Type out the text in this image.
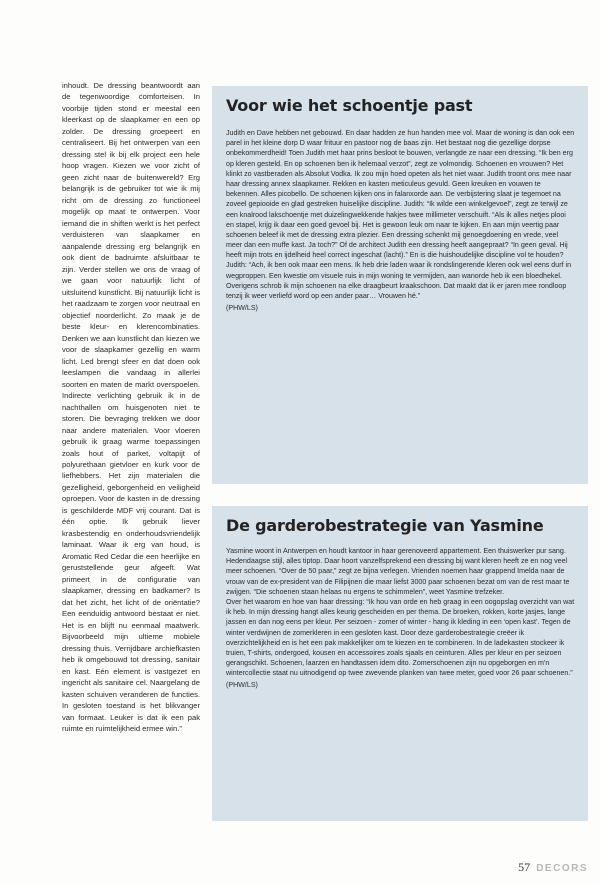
inhoudt. De dressing beantwoordt aan de tegenwoordige comforteisen. In voorbije tijden stond er meestal een kleerkast op de slaapkamer en een op zolder. De dressing groepeert en centraliseert. Bij het ontwerpen van een dressing stel ik bij elk project een hele hoop vragen. Kiezen we voor zicht of geen zicht naar de buitenwereld? Erg belangrijk is de gebruiker tot wie ik mij richt om de dressing zo functioneel mogelijk op maat te ontwerpen. Voor iemand die in shiften werkt is het perfect verduisteren van slaapkamer en aanpalende dressing erg belangrijk en ook dient de badruimte afsluitbaar te zijn. Verder stellen we ons de vraag of we gaan voor natuurlijk licht of uitsluitend kunstlicht. Bij natuurlijk licht is het raadzaam te zorgen voor neutraal en objectief noorderlicht. Zo maak je de beste kleur- en klerencombinaties. Denken we aan kunstlicht dan kiezen we voor de slaapkamer gezellig en warm licht. Led brengt sfeer en dat doen ook leeslampen die vandaag in allerlei soorten en maten de markt overspoelen. Indirecte verlichting gebruik ik in de nachthallen om huisgenoten niet te storen. Die bevraging trekken we door naar andere materialen. Voor vloeren gebruik ik graag warme toepassingen zoals hout of parket, voltapijt of polyurethaan gietvloer en kurk voor de liefhebbers. Het zijn materialen die gezelligheid, geborgenheid en veiligheid oproepen. Voor de kasten in de dressing is geschilderde MDF vrij courant. Dat is één optie. Ik gebruik liever krasbestendig en onderhoudsvriendelijk laminaat. Waar ik erg van houd, is Aromatic Red Cedar die een heerlijke en geruststellende geur afgeeft. Wat primeert in de configuratie van slaapkamer, dressing en badkamer? Is dat het zicht, het licht of de oriëntatie? Een eenduidig antwoord bestaat er niet. Het is en blijft nu eenmaal maatwerk. Bijvoorbeeld mijn ultieme mobiele dressing thuis. Verrijdbare archiefkasten heb ik omgebouwd tot dressing, sanitair en kast. Eén element is vastgezet en ingericht als sanitaire cel. Naargelang de kasten schuiven veranderen de functies. In gesloten toestand is het blikvanger van formaat. Leuker is dat ik een pak ruimte en ruimtelijkheid ermee win.”

Voor wie het schoentje past

Judith en Dave hebben net gebouwd. En daar hadden ze hun handen mee vol. Maar de woning is dan ook een parel in het kleine dorp D waar frituur en pastoor nog de baas zijn. Het bestaat nog die gezellige dorpse onbekommerdheid! Toen Judith met haar prins besloot te bouwen, verlangde ze naar een dressing. “Ik ben erg op kleren gesteld. En op schoenen ben ik helemaal verzot”, zegt ze volmondig. Schoenen en vrouwen? Het klinkt zo vastberaden als Absolut Vodka. Ik zou mijn hoed opeten als het niet waar. Judith troont ons mee naar haar dressing annex slaapkamer. Rekken en kasten meticuleus gevuld. Geen kreuken en vouwen te bekennen. Alles picobello. De schoenen kijken ons in falanxorde aan. De verbijstering slaat je tegemoet na zoveel gepiooide en glad gestreken huiselijke discipline. Judith: “Ik wilde een winkelgevoel”, zegt ze terwijl ze een knalrood lakschoentje met duizelingwekkende hakjes twee millimeter verschuift. “Als ik alles netjes plooi en stapel, krijg ik daar een goed gevoel bij. Het is gewoon leuk om naar te kijken. En aan mijn veertig paar schoenen beleef ik met de dressing extra plezier. Een dressing schenkt mij genoegdoening en vrede, veel meer dan een muffe kast. Ja toch?” Of de architect Judith een dressing heeft aangepraat? “In geen geval. Hij heeft mijn trots en ijdelheid heel correct ingeschat (lacht).” En is die huishoudelijke discipline vol te houden? Judith: “Ach, ik ben ook maar een mens. Ik heb drie laden waar ik rondslingerende kleren ook wel eens durf in wegproppen. Een kwestie om visuele ruis in mijn woning te vermijden, aan wanorde heb ik een bloedhekel. Overigens schrob ik mijn schoenen na elke draagbeurt kraakschoon. Dat maakt dat ik er jaren mee rondloop tenzij ik weer verliefd word op een ander paar… Vrouwen hé.”

(PHW/LS)

De garderobestrategie van Yasmine

Yasmine woont in Antwerpen en houdt kantoor in haar gerenoveerd appartement. Een thuiswerker pur sang. Hedendaagse stijl, alles tiptop. Daar hoort vanzelfsprekend een dressing bij want kleren heeft ze en nog veel meer schoenen. “Over de 50 paar,” zegt ze bijna verlegen. Vrienden noemen haar grappend Imelda naar de vrouw van de ex-president van de Filipijnen die maar liefst 3000 paar schoenen bezat om van de rest maar te zwijgen. “Die schoenen staan helaas nu ergens te schimmelen”, weet Yasmine trefzeker.

Over het waarom en hoe van haar dressing: “Ik hou van orde en heb graag in een oogopslag overzicht van wat ik heb. In mijn dressing hangt alles keurig gescheiden en per thema. De broeken, rokken, korte jasjes, lange jassen en dan nog eens per kleur. Per seizoen - zomer of winter - hang ik kleding in een ‘open kast’. Tegen de winter verdwijnen de zomerkleren in een gesloten kast. Door deze garderobestrategie creëer ik overzichtelijkheid en is het een pak makkelijker om te kiezen en te combineren. In de ladekasten stockeer ik truien, T-shirts, ondergoed, kousen en accessoires zoals sjaals en ceinturen. Alles per kleur en per seizoen gerangschikt. Schoenen, laarzen en handtassen idem dito. Zomerschoenen zijn nu opgeborgen en m’n wintercollectie staat nu uitnodigend op twee zwevende planken van twee meter, goed voor 26 paar schoenen.”

(PHW/LS)

57 DECORS
